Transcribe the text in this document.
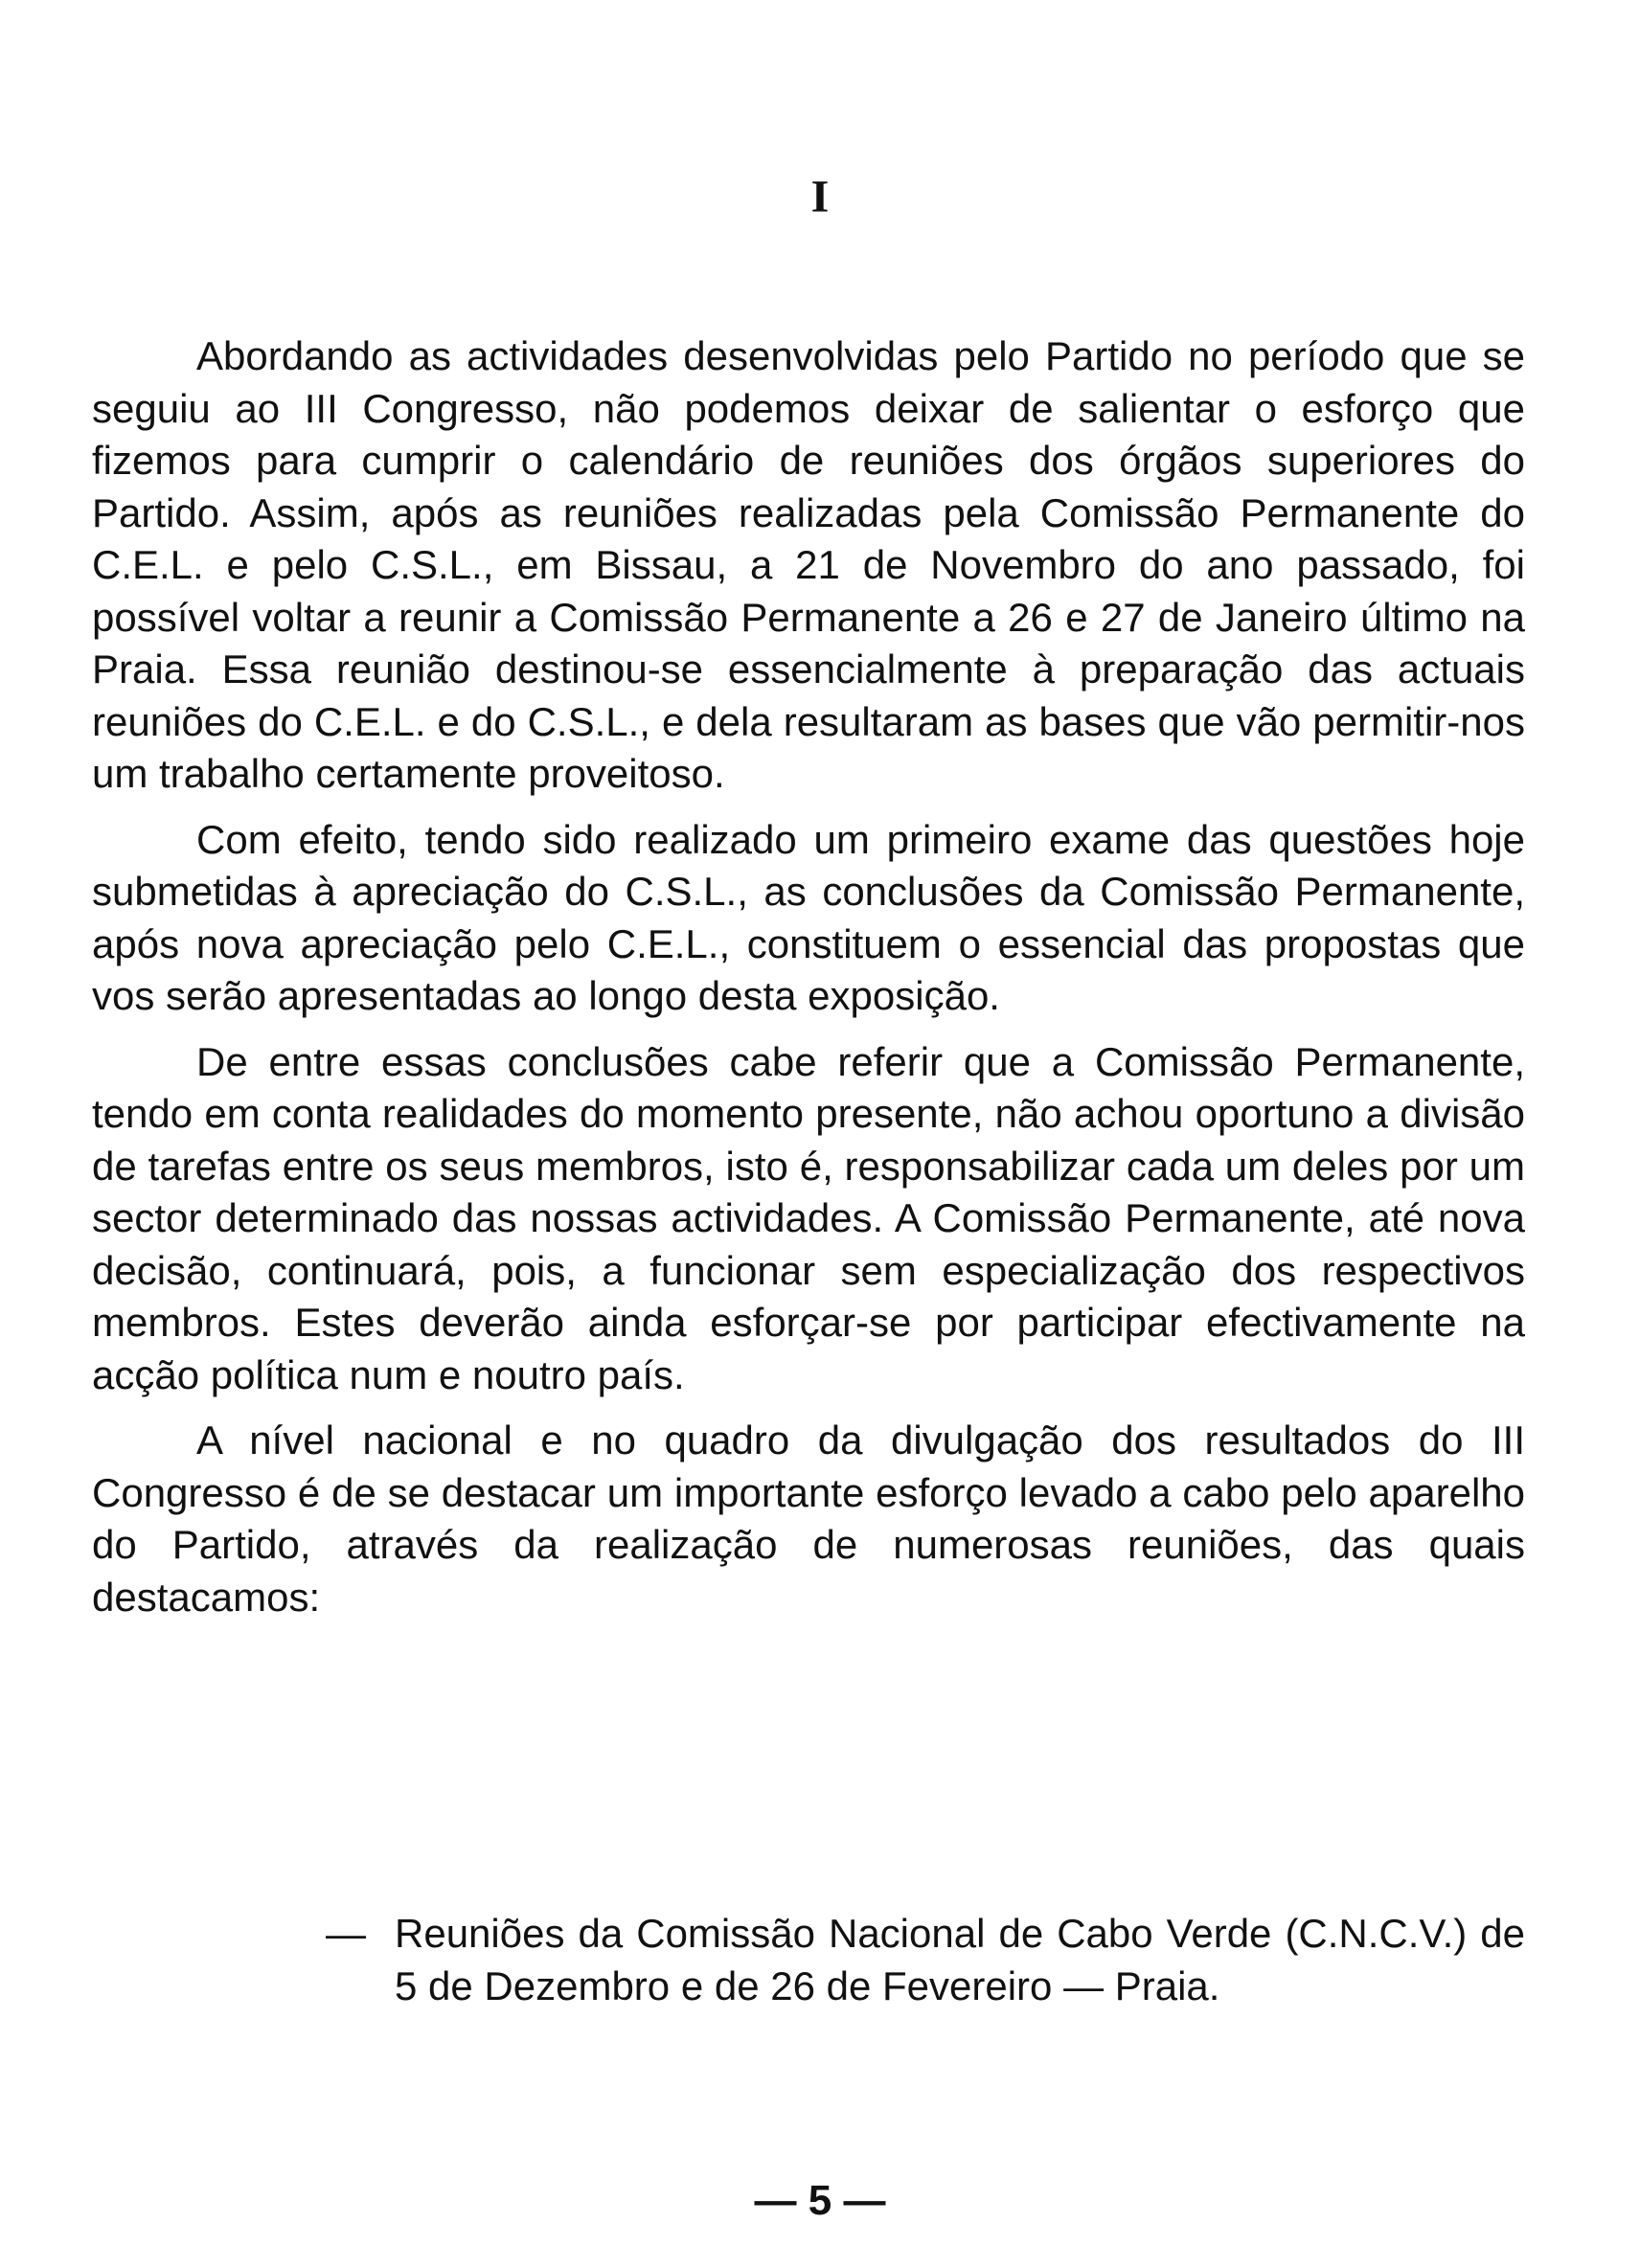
I

Abordando as actividades desenvolvidas pelo Partido no período que se seguiu ao III Congresso, não podemos deixar de salientar o esforço que fizemos para cumprir o calendário de reuniões dos órgãos superiores do Partido. Assim, após as reuniões realizadas pela Comissão Permanente do C.E.L. e pelo C.S.L., em Bissau, a 21 de Novembro do ano passado, foi possível voltar a reunir a Comissão Permanente a 26 e 27 de Janeiro último na Praia. Essa reunião destinou-se essencialmente à preparação das actuais reuniões do C.E.L. e do C.S.L., e dela resultaram as bases que vão permitir-nos um trabalho certamente proveitoso.

Com efeito, tendo sido realizado um primeiro exame das questões hoje submetidas à apreciação do C.S.L., as conclusões da Comissão Permanente, após nova apreciação pelo C.E.L., constituem o essencial das propostas que vos serão apresentadas ao longo desta exposição.

De entre essas conclusões cabe referir que a Comissão Permanente, tendo em conta realidades do momento presente, não achou oportuno a divisão de tarefas entre os seus membros, isto é, responsabilizar cada um deles por um sector determinado das nossas actividades. A Comissão Permanente, até nova decisão, continuará, pois, a funcionar sem especialização dos respectivos membros. Estes deverão ainda esforçar-se por participar efectivamente na acção política num e noutro país.

A nível nacional e no quadro da divulgação dos resultados do III Congresso é de se destacar um importante esforço levado a cabo pelo aparelho do Partido, através da realização de numerosas reuniões, das quais destacamos:

— Reuniões da Comissão Nacional de Cabo Verde (C.N.C.V.) de 5 de Dezembro e de 26 de Fevereiro — Praia.
— 5 —
